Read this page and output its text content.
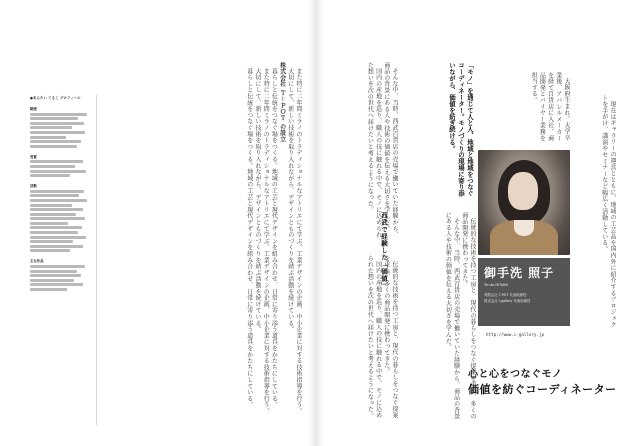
●あらたい てるこ プロフィール
略歴
受賞
活動
主な作品	また特に二年間ミラノのトラディショナルなアトリエにて学ぶ。工業デザインの企画、中小企業に対する技術指導を行う。

大切にして、新しい技術を取り入れながら、デザインとものづくりを結ぶ活動を続けている。

株式会社 Ｔ－ＰＯＴ の設立

暮らしと伝統をつなぐ場をつくる。地域の工芸と現代デザインを組み合わせ、日常に寄り添う道具をかたちにしている。

また特に二年間ミラノのトラディショナルなアトリエにて学ぶ。工業デザインの企画、中小企業に対する技術指導を行う。

大切にして、新しい技術を取り入れながら、デザインとものづくりを結ぶ活動を続けている。

暮らしと伝統をつなぐ場をつくる。地域の工芸と現代デザインを組み合わせ、日常に寄り添う道具をかたちにしている。	「モノ」を通じて人と人、地域と地域をつなぐコーディネーター。モノづくりの現場に寄り添いながら、価値を紡ぎ続ける。

そんな中、当時、西武百貨店の売場で働いていた経験から、商品の背景にある人や技術の価値を伝える大切さを学んだ。

国内の産地を巡り、職人の技に触れる中で、モノに込められた想いを次の世代へ届けたいと考えるようになった。

西武で経験した「価値」	伝統的な技術を持つ工房と、現代の暮らしをつなぐ提案を重ね、多くの商品開発に携わってきた。

そんな中、当時、西武百貨店の売場で働いていた経験から、商品の背景にある人や技術の価値を伝える大切さを学んだ。

伝統的な技術を持つ工房と、現代の暮らしをつなぐ提案を重ね、多くの商品開発に携わってきた。

国内の産地を巡り、職人の技に触れる中で、モノに込められた想いを次の世代へ届けたいと考えるようになった。

大阪府生まれ。大学卒業後、アパレルメーカーを経て百貨店に入社。商品開発とバイヤー業務を担当する。

御手洗 照子
Teruko MITARAI
有限会社 T-POT 代表取締役
株式会社 i-gallery 代表取締役
http://www.i-gallery.jp

現在はギャラリーの運営とともに、地域の工芸品を国内外に紹介するプロジェクトを手がけ、講演やセミナーなど幅広く活動している。

心と心をつなぐモノ
価値を紡ぐコーディネーター
